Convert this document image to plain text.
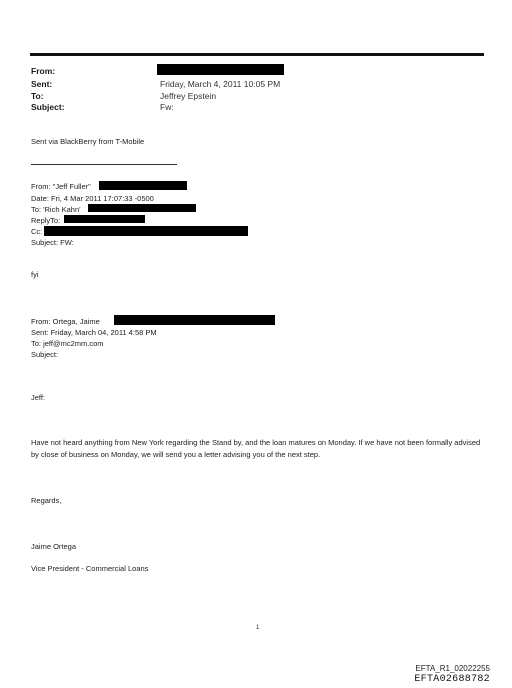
From:
Sent:	Friday, March 4, 2011 10:05 PM
To:	Jeffrey Epstein
Subject:	Fw:
Sent via BlackBerry from T-Mobile
From: "Jeff Fuller"
Date: Fri, 4 Mar 2011 17:07:33 -0500
To: 'Rich Kahn'
ReplyTo:
Cc:
Subject: FW:
fyi
From: Ortega, Jaime
Sent: Friday, March 04, 2011 4:58 PM
To: jeff@mc2mm.com
Subject:
Jeff:
Have not heard anything from New York regarding the Stand by, and the loan matures on Monday. If we have not been formally advised by close of business on Monday, we will send you a letter advising you of the next step.
Regards,
Jaime Ortega
Vice President - Commercial Loans
1
EFTA_R1_02022255
EFTA02688782
